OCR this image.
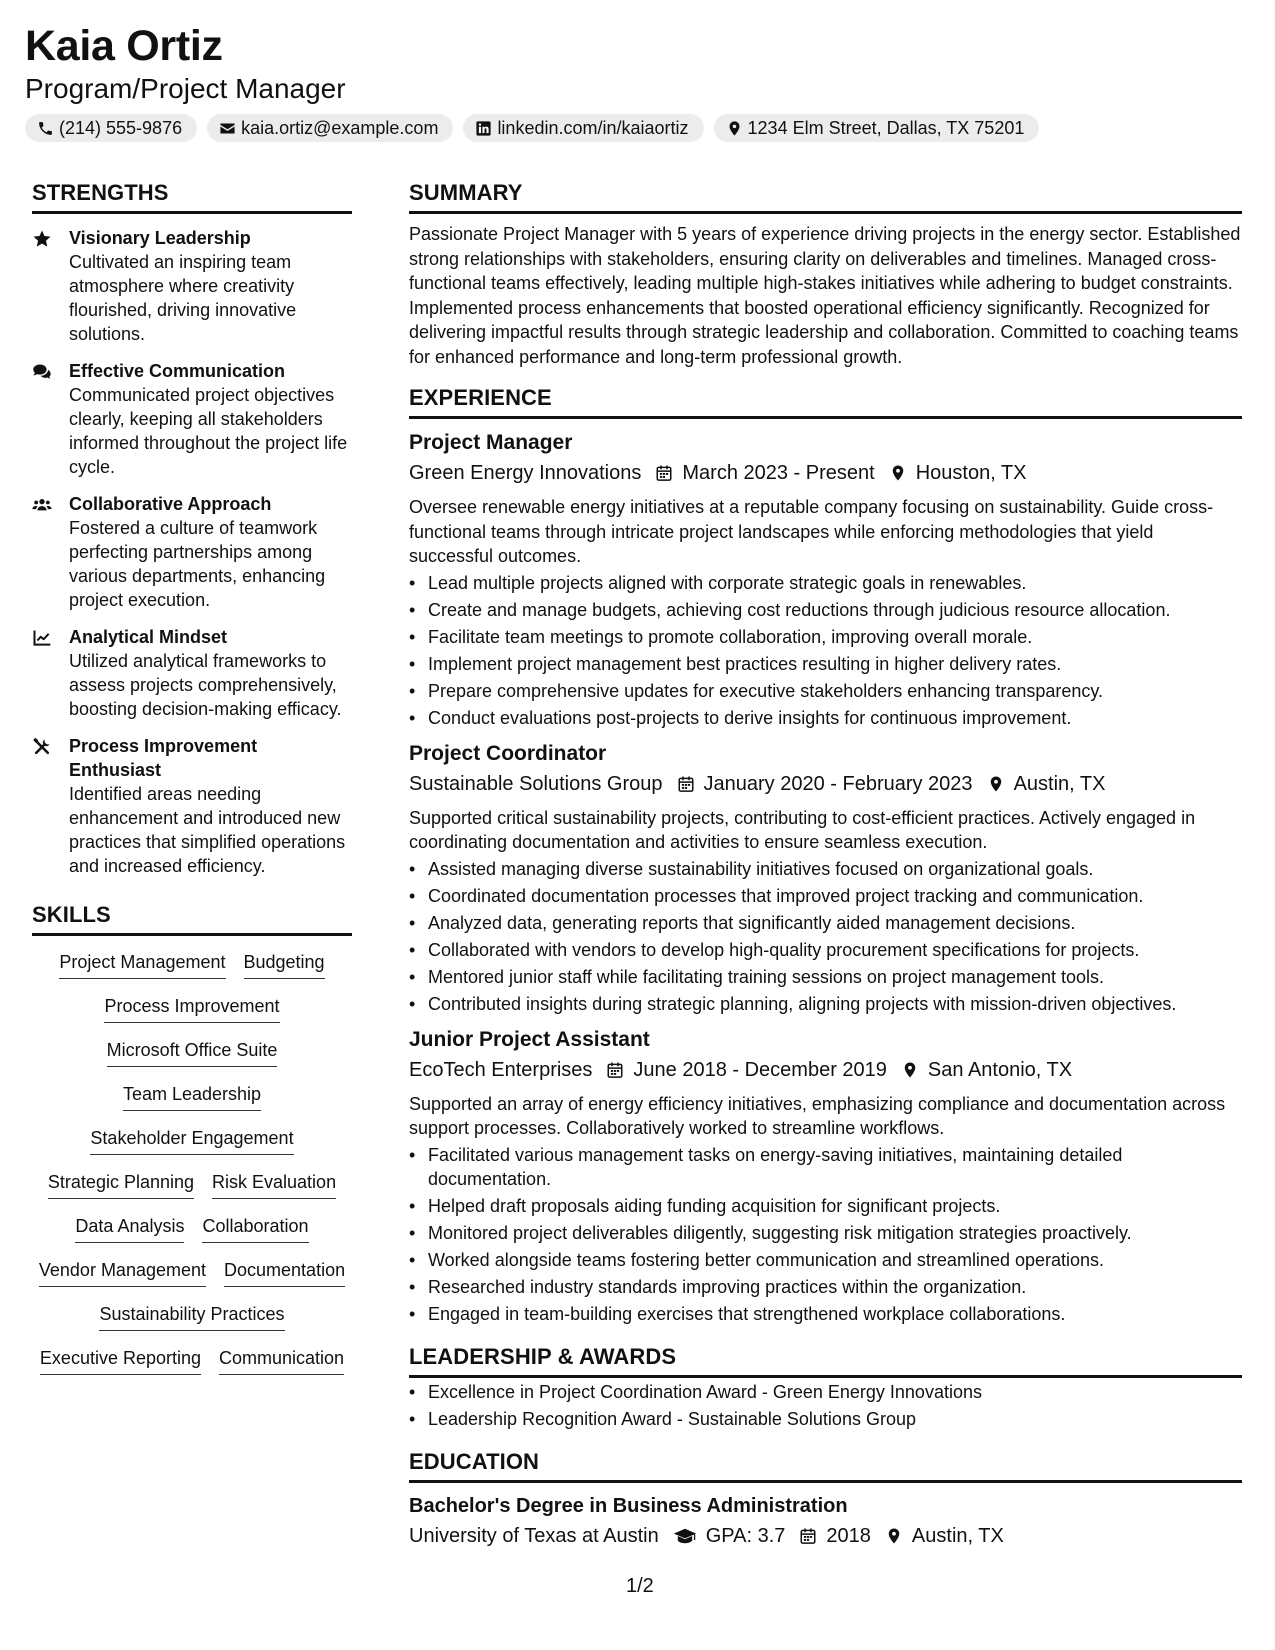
Kaia Ortiz
Program/Project Manager
(214) 555-9876	kaia.ortiz@example.com	linkedin.com/in/kaiaortiz	1234 Elm Street, Dallas, TX 75201
STRENGTHS
Visionary Leadership
Cultivated an inspiring team atmosphere where creativity flourished, driving innovative solutions.
Effective Communication
Communicated project objectives clearly, keeping all stakeholders informed throughout the project life cycle.
Collaborative Approach
Fostered a culture of teamwork perfecting partnerships among various departments, enhancing project execution.
Analytical Mindset
Utilized analytical frameworks to assess projects comprehensively, boosting decision-making efficacy.
Process Improvement Enthusiast
Identified areas needing enhancement and introduced new practices that simplified operations and increased efficiency.
SKILLS
Project Management Budgeting
Process Improvement
Microsoft Office Suite
Team Leadership
Stakeholder Engagement
Strategic Planning Risk Evaluation
Data Analysis Collaboration
Vendor Management Documentation
Sustainability Practices
Executive Reporting Communication
SUMMARY
Passionate Project Manager with 5 years of experience driving projects in the energy sector. Established strong relationships with stakeholders, ensuring clarity on deliverables and timelines. Managed cross-functional teams effectively, leading multiple high-stakes initiatives while adhering to budget constraints. Implemented process enhancements that boosted operational efficiency significantly. Recognized for delivering impactful results through strategic leadership and collaboration. Committed to coaching teams for enhanced performance and long-term professional growth.
EXPERIENCE
Project Manager
Green Energy Innovations March 2023 - Present Houston, TX
Oversee renewable energy initiatives at a reputable company focusing on sustainability. Guide cross-functional teams through intricate project landscapes while enforcing methodologies that yield successful outcomes.
• Lead multiple projects aligned with corporate strategic goals in renewables.
• Create and manage budgets, achieving cost reductions through judicious resource allocation.
• Facilitate team meetings to promote collaboration, improving overall morale.
• Implement project management best practices resulting in higher delivery rates.
• Prepare comprehensive updates for executive stakeholders enhancing transparency.
• Conduct evaluations post-projects to derive insights for continuous improvement.
Project Coordinator
Sustainable Solutions Group January 2020 - February 2023 Austin, TX
Supported critical sustainability projects, contributing to cost-efficient practices. Actively engaged in coordinating documentation and activities to ensure seamless execution.
• Assisted managing diverse sustainability initiatives focused on organizational goals.
• Coordinated documentation processes that improved project tracking and communication.
• Analyzed data, generating reports that significantly aided management decisions.
• Collaborated with vendors to develop high-quality procurement specifications for projects.
• Mentored junior staff while facilitating training sessions on project management tools.
• Contributed insights during strategic planning, aligning projects with mission-driven objectives.
Junior Project Assistant
EcoTech Enterprises June 2018 - December 2019 San Antonio, TX
Supported an array of energy efficiency initiatives, emphasizing compliance and documentation across support processes. Collaboratively worked to streamline workflows.
• Facilitated various management tasks on energy-saving initiatives, maintaining detailed documentation.
• Helped draft proposals aiding funding acquisition for significant projects.
• Monitored project deliverables diligently, suggesting risk mitigation strategies proactively.
• Worked alongside teams fostering better communication and streamlined operations.
• Researched industry standards improving practices within the organization.
• Engaged in team-building exercises that strengthened workplace collaborations.
LEADERSHIP & AWARDS
• Excellence in Project Coordination Award - Green Energy Innovations
• Leadership Recognition Award - Sustainable Solutions Group
EDUCATION
Bachelor's Degree in Business Administration
University of Texas at Austin GPA: 3.7 2018 Austin, TX
1/2
